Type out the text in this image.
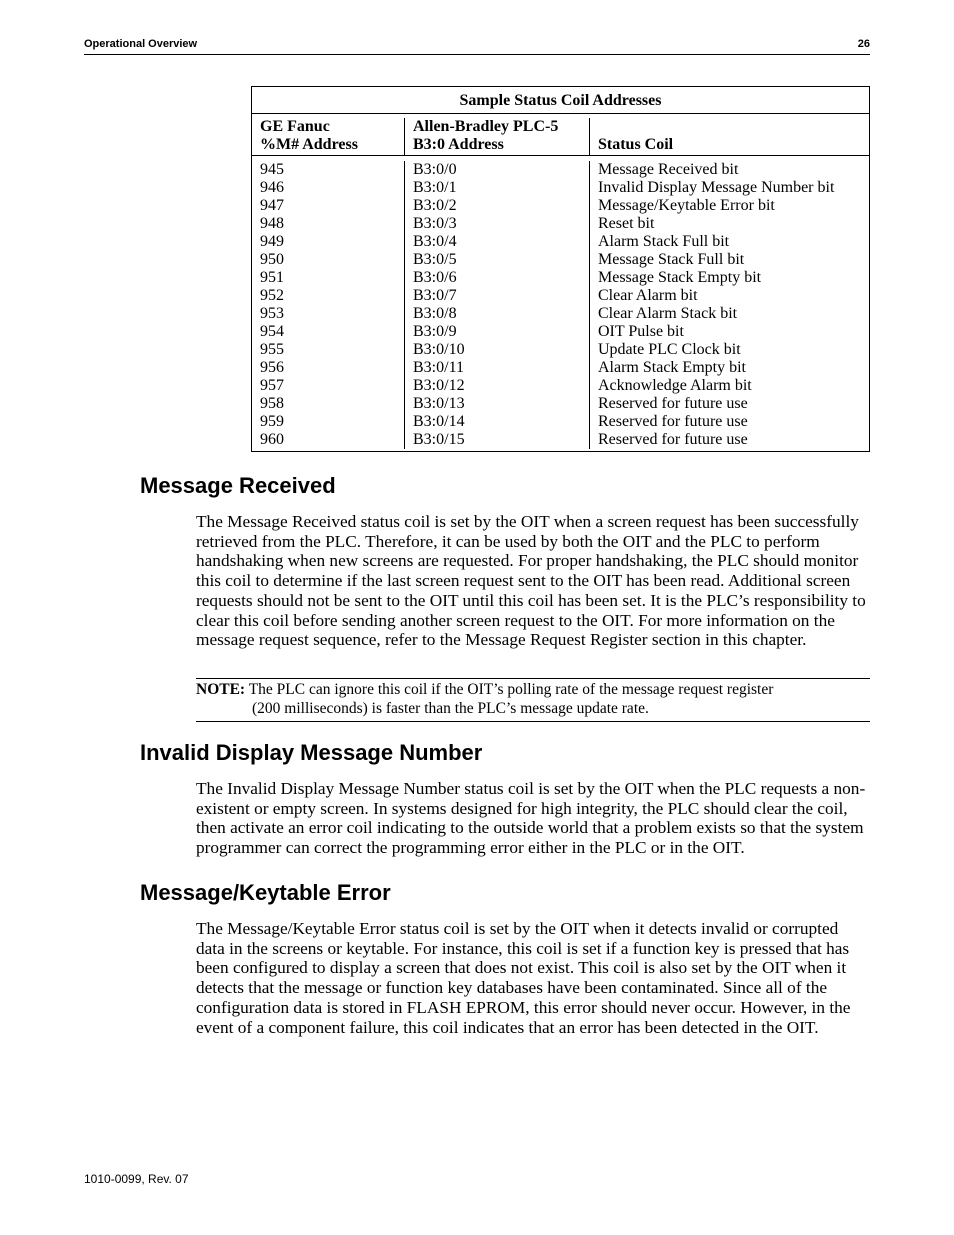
Operational Overview	26
Sample Status Coil Addresses
GE Fanuc
%M# Address
Allen-Bradley PLC-5
B3:0 Address
	Status Coil
945
946
947
948
949
950
951
952
953
954
955
956
957
958
959
960
B3:0/0
B3:0/1
B3:0/2
B3:0/3
B3:0/4
B3:0/5
B3:0/6
B3:0/7
B3:0/8
B3:0/9
B3:0/10
B3:0/11
B3:0/12
B3:0/13
B3:0/14
B3:0/15
Message Received bit
Invalid Display Message Number bit
Message/Keytable Error bit
Reset bit
Alarm Stack Full bit
Message Stack Full bit
Message Stack Empty bit
Clear Alarm bit
Clear Alarm Stack bit
OIT Pulse bit
Update PLC Clock bit
Alarm Stack Empty bit
Acknowledge Alarm bit
Reserved for future use
Reserved for future use
Reserved for future use
Message Received

The Message Received status coil is set by the OIT when a screen request has been successfully retrieved from the PLC. Therefore, it can be used by both the OIT and the PLC to perform handshaking when new screens are requested. For proper handshaking, the PLC should monitor this coil to determine if the last screen request sent to the OIT has been read. Additional screen requests should not be sent to the OIT until this coil has been set. It is the PLC’s responsibility to clear this coil before sending another screen request to the OIT. For more information on the message request sequence, refer to the Message Request Register section in this chapter.

NOTE: The PLC can ignore this coil if the OIT’s polling rate of the message request register
(200 milliseconds) is faster than the PLC’s message update rate.
Invalid Display Message Number

The Invalid Display Message Number status coil is set by the OIT when the PLC requests a non-existent or empty screen. In systems designed for high integrity, the PLC should clear the coil, then activate an error coil indicating to the outside world that a problem exists so that the system programmer can correct the programming error either in the PLC or in the OIT.

Message/Keytable Error

The Message/Keytable Error status coil is set by the OIT when it detects invalid or corrupted data in the screens or keytable. For instance, this coil is set if a function key is pressed that has been configured to display a screen that does not exist. This coil is also set by the OIT when it detects that the message or function key databases have been contaminated. Since all of the configuration data is stored in FLASH EPROM, this error should never occur. However, in the event of a component failure, this coil indicates that an error has been detected in the OIT.

1010-0099, Rev. 07
